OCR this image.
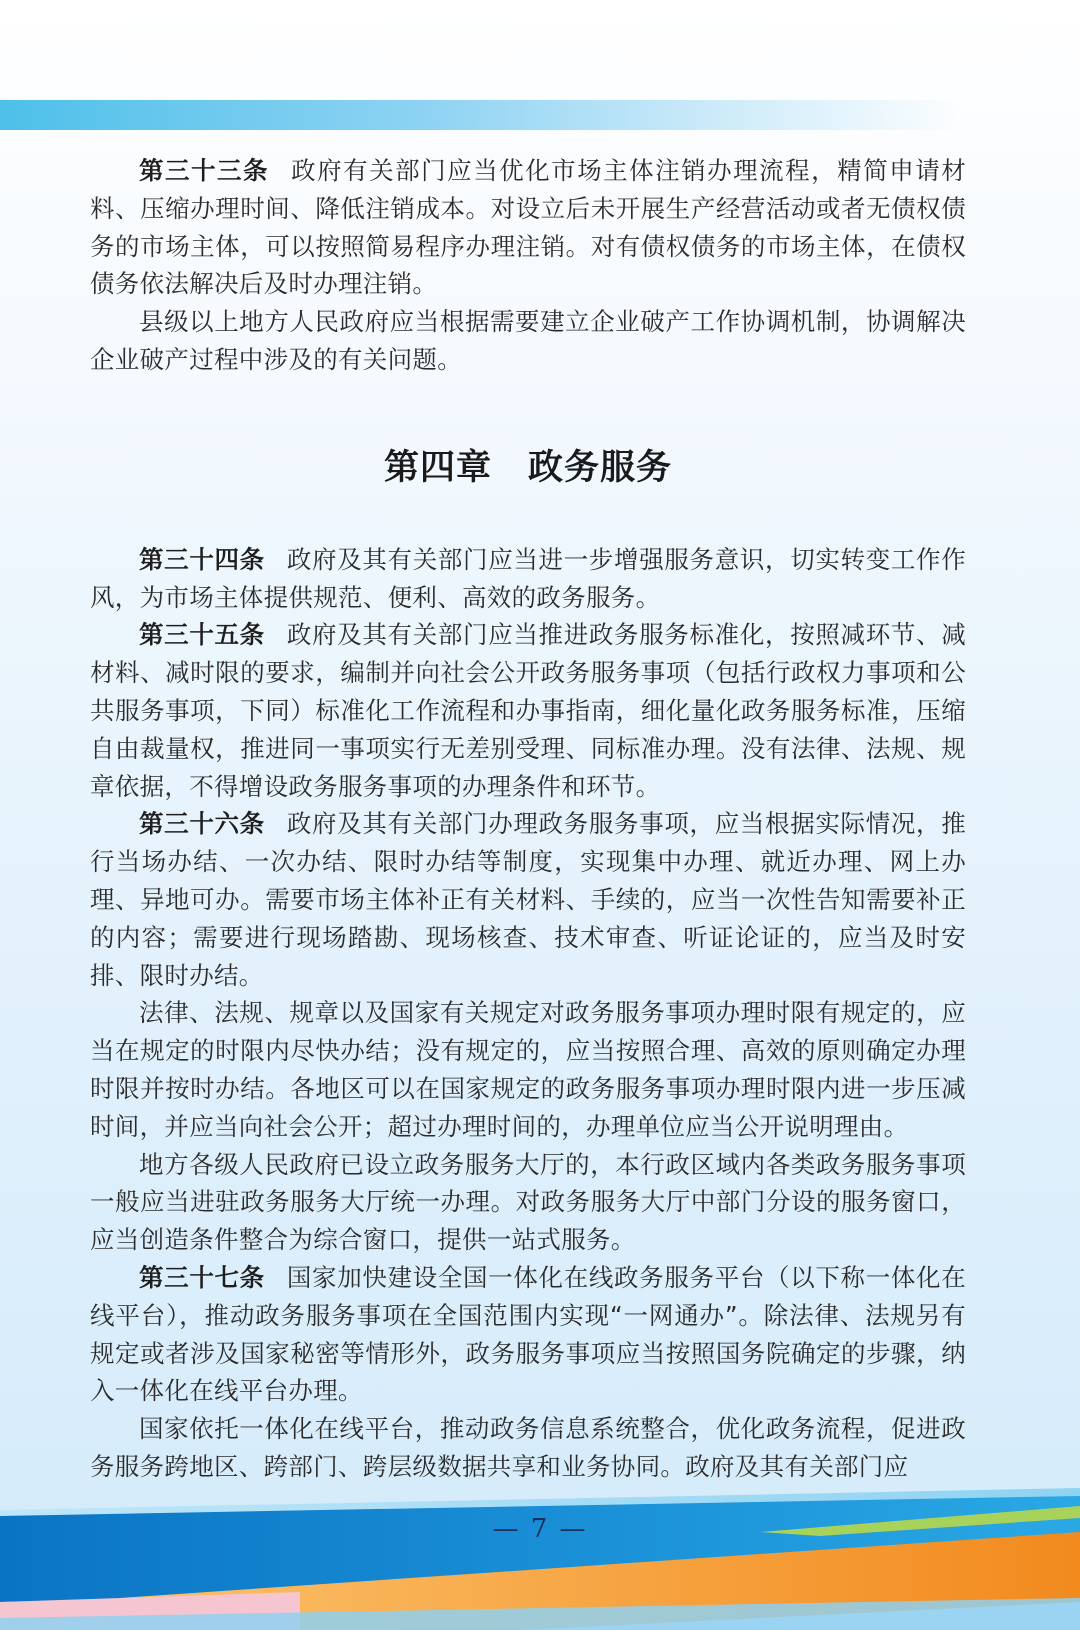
第三十三条 政府有关部门应当优化市场主体注销办理流程，精简申请材料、压缩办理时间、降低注销成本。对设立后未开展生产经营活动或者无债权债务的市场主体，可以按照简易程序办理注销。对有债权债务的市场主体，在债权债务依法解决后及时办理注销。

县级以上地方人民政府应当根据需要建立企业破产工作协调机制，协调解决企业破产过程中涉及的有关问题。

第四章　政务服务

第三十四条 政府及其有关部门应当进一步增强服务意识，切实转变工作作风，为市场主体提供规范、便利、高效的政务服务。

第三十五条 政府及其有关部门应当推进政务服务标准化，按照减环节、减材料、减时限的要求，编制并向社会公开政务服务事项（包括行政权力事项和公共服务事项，下同）标准化工作流程和办事指南，细化量化政务服务标准，压缩自由裁量权，推进同一事项实行无差别受理、同标准办理。没有法律、法规、规章依据，不得增设政务服务事项的办理条件和环节。

第三十六条 政府及其有关部门办理政务服务事项，应当根据实际情况，推行当场办结、一次办结、限时办结等制度，实现集中办理、就近办理、网上办理、异地可办。需要市场主体补正有关材料、手续的，应当一次性告知需要补正的内容；需要进行现场踏勘、现场核查、技术审查、听证论证的，应当及时安排、限时办结。

法律、法规、规章以及国家有关规定对政务服务事项办理时限有规定的，应当在规定的时限内尽快办结；没有规定的，应当按照合理、高效的原则确定办理时限并按时办结。各地区可以在国家规定的政务服务事项办理时限内进一步压减时间，并应当向社会公开；超过办理时间的，办理单位应当公开说明理由。

地方各级人民政府已设立政务服务大厅的，本行政区域内各类政务服务事项一般应当进驻政务服务大厅统一办理。对政务服务大厅中部门分设的服务窗口，应当创造条件整合为综合窗口，提供一站式服务。

第三十七条 国家加快建设全国一体化在线政务服务平台（以下称一体化在线平台），推动政务服务事项在全国范围内实现“一网通办”。除法律、法规另有规定或者涉及国家秘密等情形外，政务服务事项应当按照国务院确定的步骤，纳入一体化在线平台办理。

国家依托一体化在线平台，推动政务信息系统整合，优化政务流程，促进政务服务跨地区、跨部门、跨层级数据共享和业务协同。政府及其有关部门应

— 7 —
